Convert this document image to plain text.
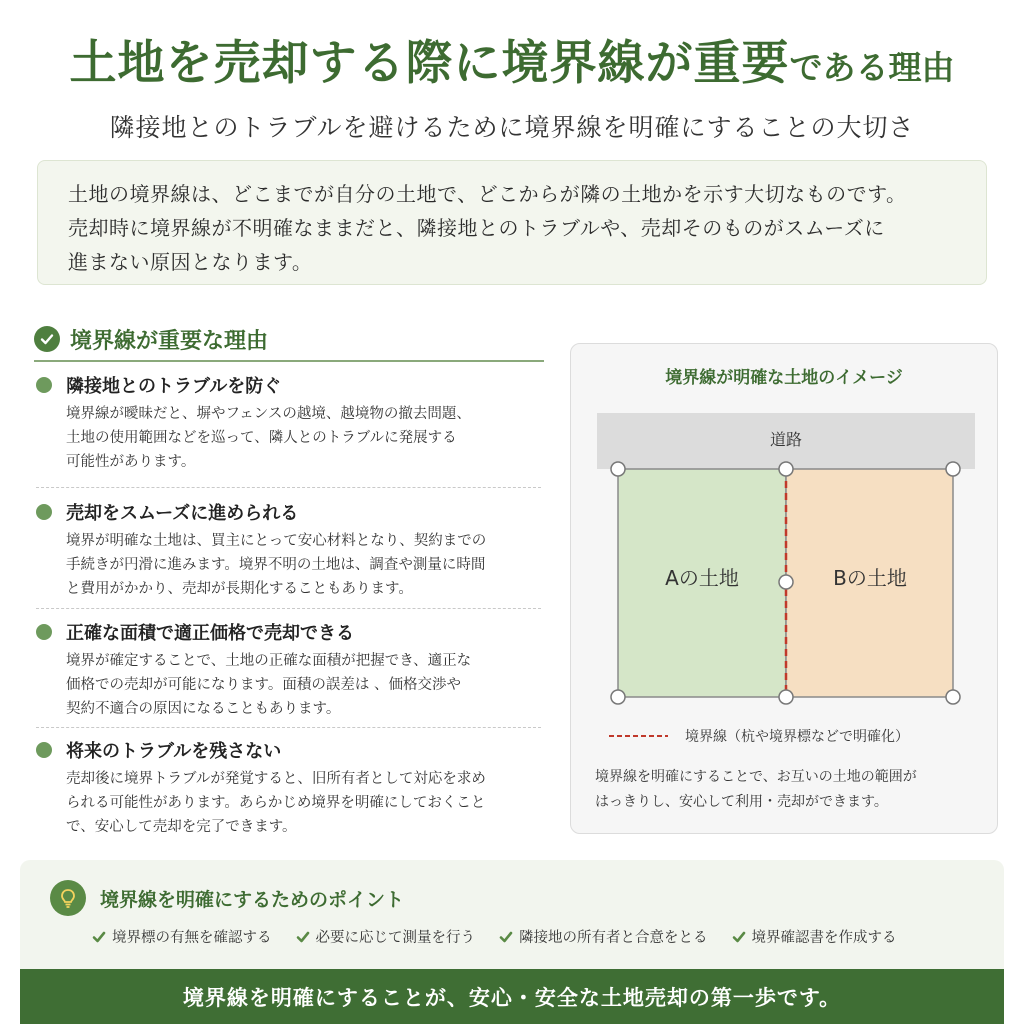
土地を売却する際に境界線が重要である理由
隣接地とのトラブルを避けるために境界線を明確にすることの大切さ

土地の境界線は、どこまでが自分の土地で、どこからが隣の土地かを示す大切なものです。

売却時に境界線が不明確なままだと、隣接地とのトラブルや、売却そのものがスムーズに

進まない原因となります。

境界線が重要な理由
隣接地とのトラブルを防ぐ
境界線が曖昧だと、塀やフェンスの越境、越境物の撤去問題、
土地の使用範囲などを巡って、隣人とのトラブルに発展する
可能性があります。
売却をスムーズに進められる
境界が明確な土地は、買主にとって安心材料となり、契約までの
手続きが円滑に進みます。境界不明の土地は、調査や測量に時間
と費用がかかり、売却が長期化することもあります。
正確な面積で適正価格で売却できる
境界が確定することで、土地の正確な面積が把握でき、適正な
価格での売却が可能になります。面積の誤差は 、価格交渉や
契約不適合の原因になることもあります。
将来のトラブルを残さない
売却後に境界トラブルが発覚すると、旧所有者として対応を求め
られる可能性があります。あらかじめ境界を明確にしておくこと
で、安心して売却を完了できます。
境界線が明確な土地のイメージ
道路
Aの土地	Bの土地
境界線（杭や境界標などで明確化）
境界線を明確にすることで、お互いの土地の範囲が
はっきりし、安心して利用・売却ができます。
境界線を明確にするためのポイント
境界標の有無を確認する	必要に応じて測量を行う	隣接地の所有者と合意をとる	境界確認書を作成する
境界線を明確にすることが、安心・安全な土地売却の第一歩です。
